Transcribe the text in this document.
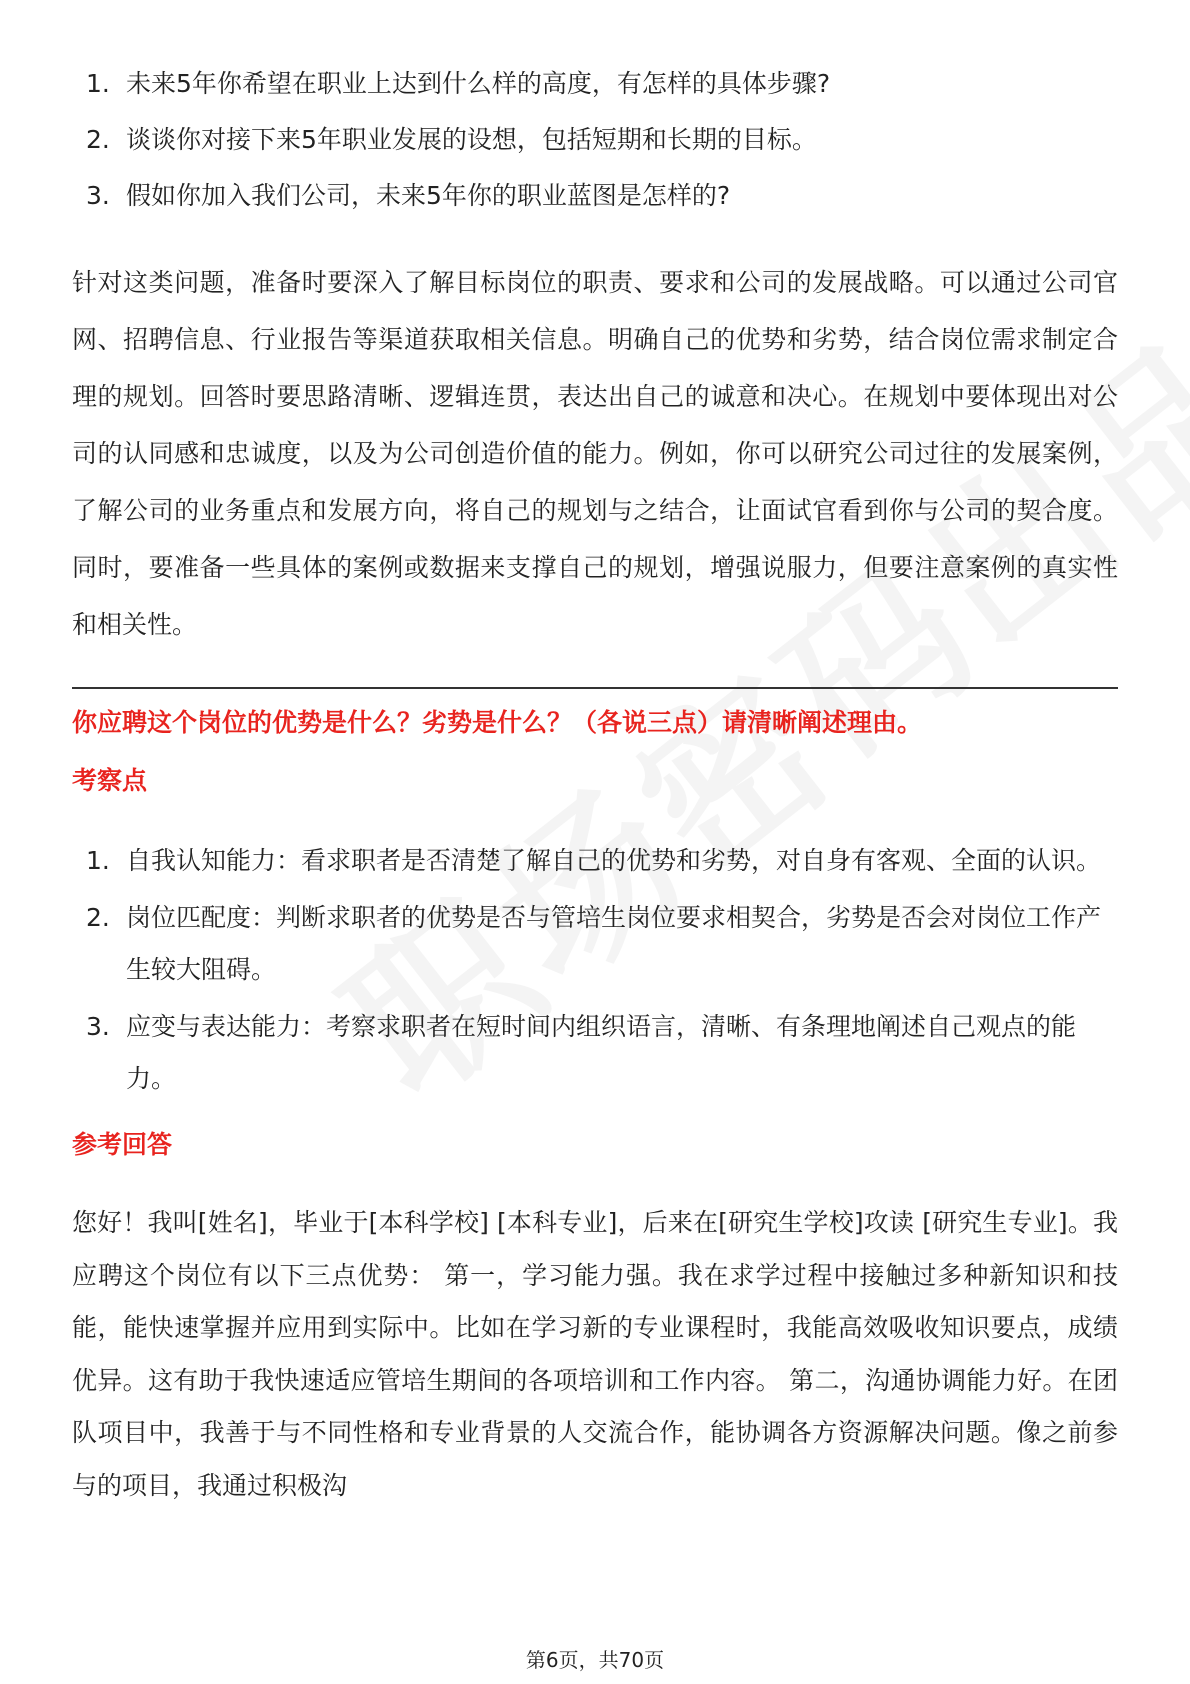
1. 未来5年你希望在职业上达到什么样的高度，有怎样的具体步骤?
2. 谈谈你对接下来5年职业发展的设想，包括短期和长期的目标。
3. 假如你加入我们公司，未来5年你的职业蓝图是怎样的?

针对这类问题，准备时要深入了解目标岗位的职责、要求和公司的发展战略。可以通过公司官网、招聘信息、行业报告等渠道获取相关信息。明确自己的优势和劣势，结合岗位需求制定合理的规划。回答时要思路清晰、逻辑连贯，表达出自己的诚意和决心。在规划中要体现出对公司的认同感和忠诚度，以及为公司创造价值的能力。例如，你可以研究公司过往的发展案例，了解公司的业务重点和发展方向，将自己的规划与之结合，让面试官看到你与公司的契合度。同时，要准备一些具体的案例或数据来支撑自己的规划，增强说服力，但要注意案例的真实性和相关性。

你应聘这个岗位的优势是什么？劣势是什么？（各说三点）请清晰阐述理由。
考察点
1. 自我认知能力：看求职者是否清楚了解自己的优势和劣势，对自身有客观、全面的认识。
2. 岗位匹配度：判断求职者的优势是否与管培生岗位要求相契合，劣势是否会对岗位工作产生较大阻碍。
3. 应变与表达能力：考察求职者在短时间内组织语言，清晰、有条理地阐述自己观点的能力。
参考回答

您好！我叫[姓名]，毕业于[本科学校] [本科专业]，后来在[研究生学校]攻读 [研究生专业]。我应聘这个岗位有以下三点优势： 第一，学习能力强。我在求学过程中接触过多种新知识和技能，能快速掌握并应用到实际中。比如在学习新的专业课程时，我能高效吸收知识要点，成绩优异。这有助于我快速适应管培生期间的各项培训和工作内容。 第二，沟通协调能力好。在团队项目中，我善于与不同性格和专业背景的人交流合作，能协调各方资源解决问题。像之前参与的项目，我通过积极沟

第6页，共70页
